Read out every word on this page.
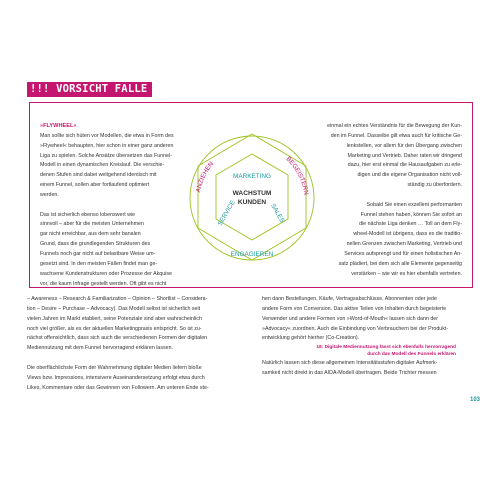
!!! VORSICHT FALLE !!!

»FLYWHEEL«

Man sollte sich hüten vor Modellen, die etwa in Form des

»Flywheel« behaupten, hier schon in einer ganz anderen

Liga zu spielen. Solche Ansätze übersetzen das Funnel-

Modell in einen dynamischen Kreislauf. Die verschie-

denen Stufen sind dabei weitgehend identisch mit

einem Funnel, sollen aber fortlaufend optimiert

werden.

Das ist sicherlich ebenso lobenswert wie

sinnvoll – aber für die meisten Unternehmen

gar nicht erreichbar, aus dem sehr banalen

Grund, dass die grundlegenden Strukturen des

Funnels noch gar nicht auf belastbare Weise um-

gesetzt sind. In den meisten Fällen findet man ge-

wachsene Kundenstrukturen oder Prozesse der Akquise

vor, die kaum Infrage gestellt werden. Oft gibt es nicht

einmal ein echtes Verständnis für die Bewegung der Kun-

den im Funnel. Dasselbe gilt etwa auch für kritische Ge-

lenkstellen, vor allem für den Übergang zwischen

Marketing und Vertrieb. Daher raten wir dringend

dazu, hier erst einmal die Hausaufgaben zu erle-

digen und die eigene Organisation nicht voll-

ständig zu überfordern.

Sobald Sie einen exzellent performanten

Funnel stehen haben, können Sie sofort an

die nächste Liga denken … Toll an dem Fly-

wheel-Modell ist übrigens, dass es die traditio-

nellen Grenzen zwischen Marketing, Vertrieb und

Services aufsprengt und für einen holistischen An-

satz plädiert, bei dem sich alle Elemente gegenseitig

verstärken – wie wir es hier ebenfalls vertreten.

MARKETING
WACHSTUM
KUNDEN
SERVICE	SALES
ANZIEHEN
BEGEISTERN
ENGAGIEREN

– Awareness – Research & Familiarization – Opinion – Shortlist – Considera-

tion – Desire – Purchase – Advocacy). Das Modell selbst ist sicherlich seit

vielen Jahren im Markt etabliert, seine Potenziale sind aber wahrscheinlich

noch viel größer, als es der aktuellen Marketingpraxis entspricht. So ist zu-

nächst offensichtlich, dass sich auch die verschiedenen Formen der digitalen

Mediennutzung mit dem Funnel hervorragend erklären lassen.

Die oberflächlichste Form der Wahrnehmung digitaler Medien liefern bloße

Views bzw. Impressions, intensivere Auseinandersetzung erfolgt etwa durch

Likes, Kommentare oder das Gewinnen von Followern. Am unteren Ende ste-

hen dann Bestellungen, Käufe, Vertragsabschlüsse, Abonnenten oder jede

andere Form von Conversion. Das aktive Teilen von Inhalten durch begeisterte

Verwender und andere Formen von »Word-of-Mouth« lassen sich dann der

»Advocacy« zuordnen. Auch die Einbindung von Verbrauchern bei der Produkt-

entwicklung gehört hierher (Co-Creation).

18: Digitale Mediennutzung lässt sich ebenfalls hervorragend
durch das Modell des Funnels erklären

Natürlich lassen sich diese allgemeinen Intensitätsstufen digitaler Aufmerk-

samkeit nicht direkt in das AIDA-Modell übertragen. Beide Trichter messen

103
